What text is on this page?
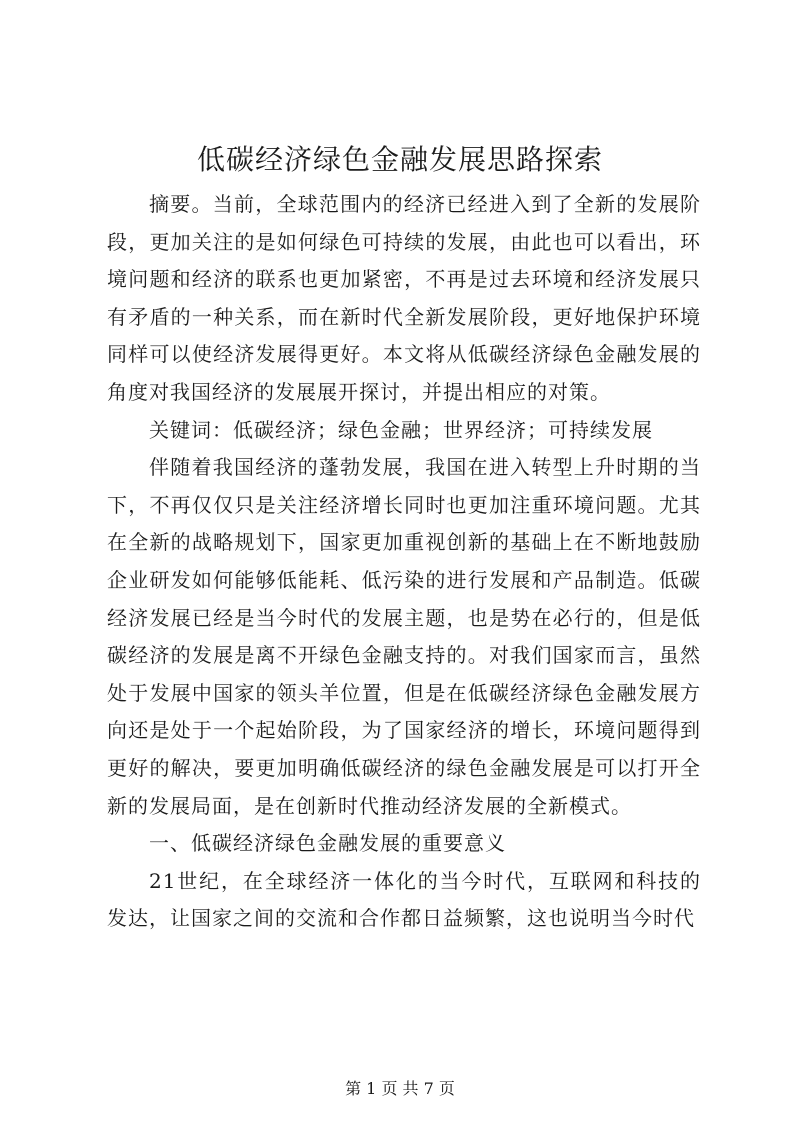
低碳经济绿色金融发展思路探索

摘要。当前，全球范围内的经济已经进入到了全新的发展阶段，更加关注的是如何绿色可持续的发展，由此也可以看出，环境问题和经济的联系也更加紧密，不再是过去环境和经济发展只有矛盾的一种关系，而在新时代全新发展阶段，更好地保护环境同样可以使经济发展得更好。本文将从低碳经济绿色金融发展的角度对我国经济的发展展开探讨，并提出相应的对策。

关键词：低碳经济；绿色金融；世界经济；可持续发展

伴随着我国经济的蓬勃发展，我国在进入转型上升时期的当下，不再仅仅只是关注经济增长同时也更加注重环境问题。尤其在全新的战略规划下，国家更加重视创新的基础上在不断地鼓励企业研发如何能够低能耗、低污染的进行发展和产品制造。低碳经济发展已经是当今时代的发展主题，也是势在必行的，但是低碳经济的发展是离不开绿色金融支持的。对我们国家而言，虽然处于发展中国家的领头羊位置，但是在低碳经济绿色金融发展方向还是处于一个起始阶段，为了国家经济的增长，环境问题得到更好的解决，要更加明确低碳经济的绿色金融发展是可以打开全新的发展局面，是在创新时代推动经济发展的全新模式。

一、低碳经济绿色金融发展的重要意义

21世纪，在全球经济一体化的当今时代，互联网和科技的发达，让国家之间的交流和合作都日益频繁，这也说明当今时代

第 1 页 共 7 页
